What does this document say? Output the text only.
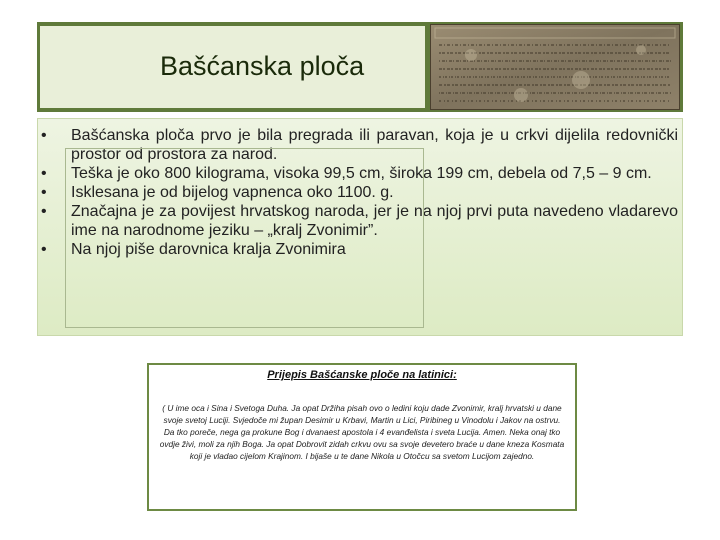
Bašćanska ploča
• Bašćanska ploča prvo je bila pregrada ili paravan, koja je u crkvi dijelila redovnički prostor od prostora za narod.
• Teška je oko 800 kilograma, visoka 99,5 cm, široka 199 cm, debela od 7,5 – 9 cm.
• Isklesana je od bijelog vapnenca oko 1100. g.
• Značajna je za povijest hrvatskog naroda, jer je na njoj prvi puta navedeno vladarevo ime na narodnome jeziku – „kralj Zvonimir”.
• Na njoj piše darovnica kralja Zvonimira
Prijepis Bašćanske ploče na latinici:
( U ime oca i Sina i Svetoga Duha. Ja opat Držiha pisah ovo o ledini koju dade Zvonimir, kralj hrvatski u dane svoje svetoj Luciji. Svjedoče mi župan Desimir u Krbavi, Martin u Lici, Piribineg u Vinodolu i Jakov na ostrvu. Da tko poreče, nega ga prokune Bog i dvanaest apostola i 4 evanđelista i sveta Lucija. Amen. Neka onaj tko ovdje živi, moli za njih Boga. Ja opat Dobrovit zidah crkvu ovu sa svoje devetero braće u dane kneza Kosmata koji je vladao cijelom Krajinom. I bijaše u te dane Nikola u Otočcu sa svetom Lucijom zajedno.
